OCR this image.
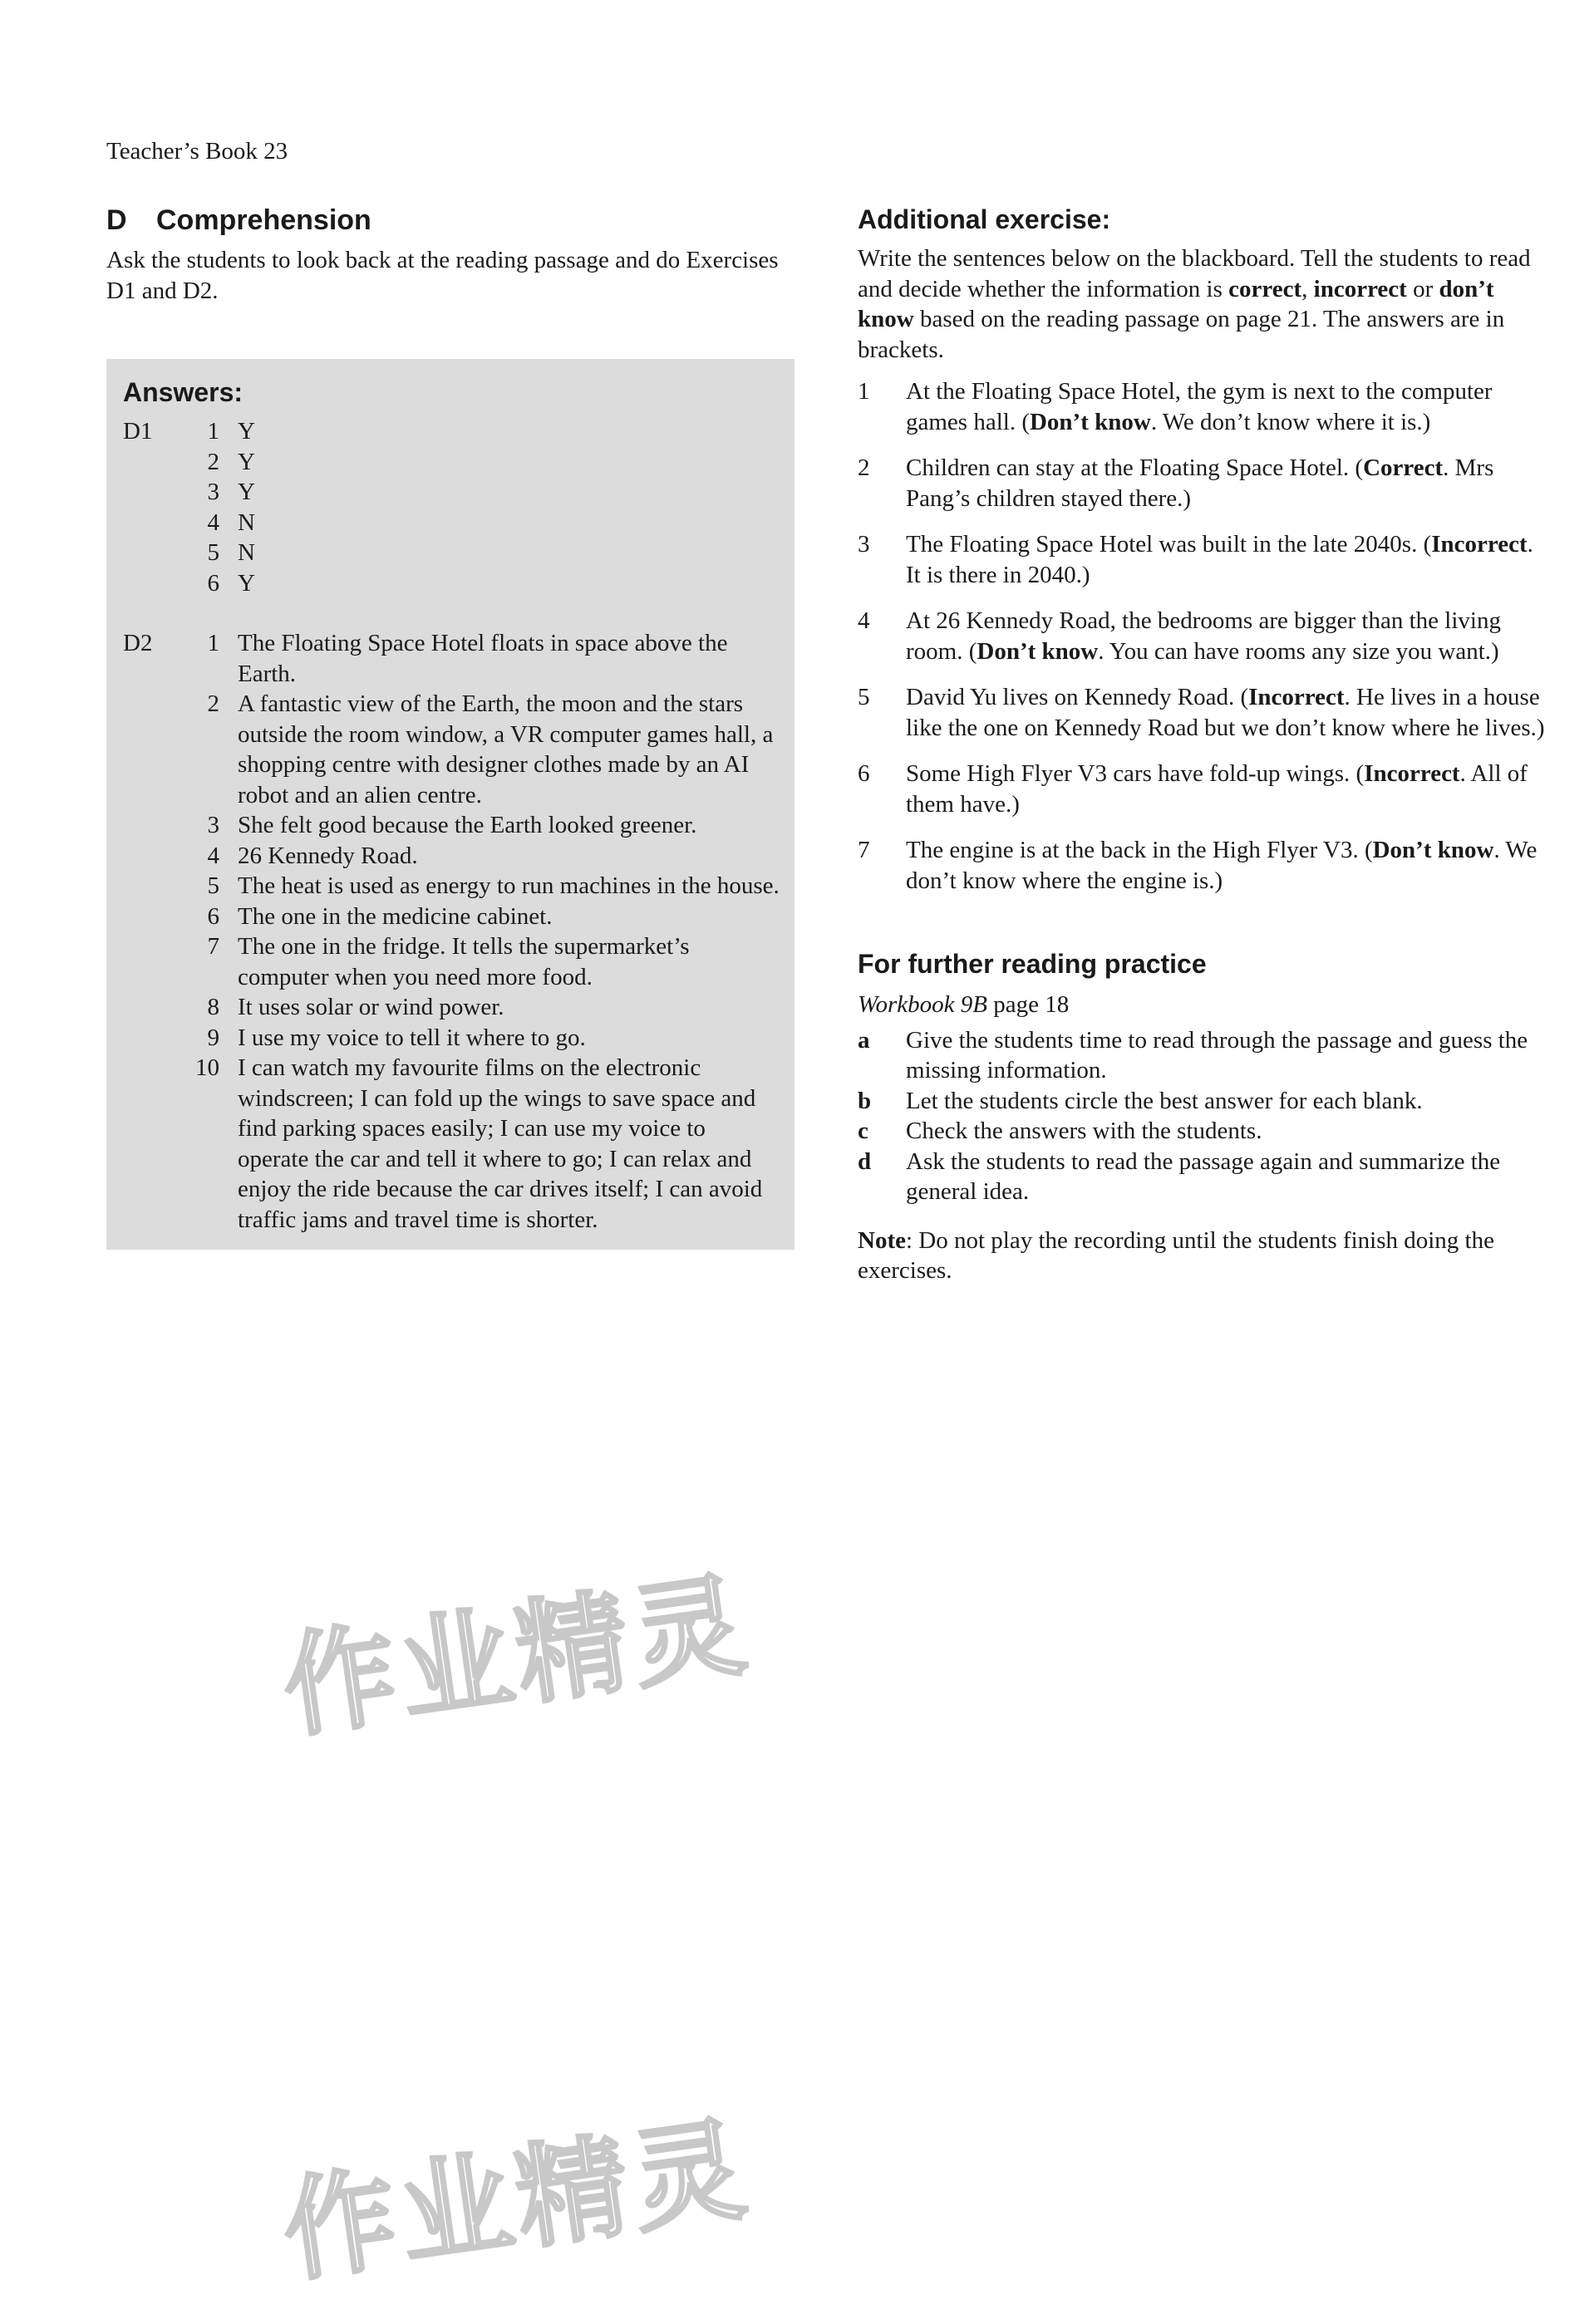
Teacher’s Book 23
D Comprehension

Ask the students to look back at the reading passage and do Exercises D1 and D2.

Answers:
D1	1 Y
2 Y
3 Y
4 N
5 N
6 Y
D2	1 The Floating Space Hotel floats in space above the Earth.
2 A fantastic view of the Earth, the moon and the stars outside the room window, a VR computer games hall, a shopping centre with designer clothes made by an AI robot and an alien centre.
3 She felt good because the Earth looked greener.
4 26 Kennedy Road.
5 The heat is used as energy to run machines in the house.
6 The one in the medicine cabinet.
7 The one in the fridge. It tells the supermarket’s computer when you need more food.
8 It uses solar or wind power.
9 I use my voice to tell it where to go.
10 I can watch my favourite films on the electronic windscreen; I can fold up the wings to save space and find parking spaces easily; I can use my voice to operate the car and tell it where to go; I can relax and enjoy the ride because the car drives itself; I can avoid traffic jams and travel time is shorter.
Additional exercise:

Write the sentences below on the blackboard. Tell the students to read and decide whether the information is correct, incorrect or don’t know based on the reading passage on page 21. The answers are in brackets.

1	At the Floating Space Hotel, the gym is next to the computer games hall. (Don’t know. We don’t know where it is.)
2	Children can stay at the Floating Space Hotel. (Correct. Mrs Pang’s children stayed there.)
3	The Floating Space Hotel was built in the late 2040s. (Incorrect. It is there in 2040.)
4	At 26 Kennedy Road, the bedrooms are bigger than the living room. (Don’t know. You can have rooms any size you want.)
5	David Yu lives on Kennedy Road. (Incorrect. He lives in a house like the one on Kennedy Road but we don’t know where he lives.)
6	Some High Flyer V3 cars have fold-up wings. (Incorrect. All of them have.)
7	The engine is at the back in the High Flyer V3. (Don’t know. We don’t know where the engine is.)
For further reading practice
Workbook 9B page 18
a	Give the students time to read through the passage and guess the missing information.
b	Let the students circle the best answer for each blank.
c	Check the answers with the students.
d	Ask the students to read the passage again and summarize the general idea.

Note: Do not play the recording until the students finish doing the exercises.

作业精灵
作业精灵
